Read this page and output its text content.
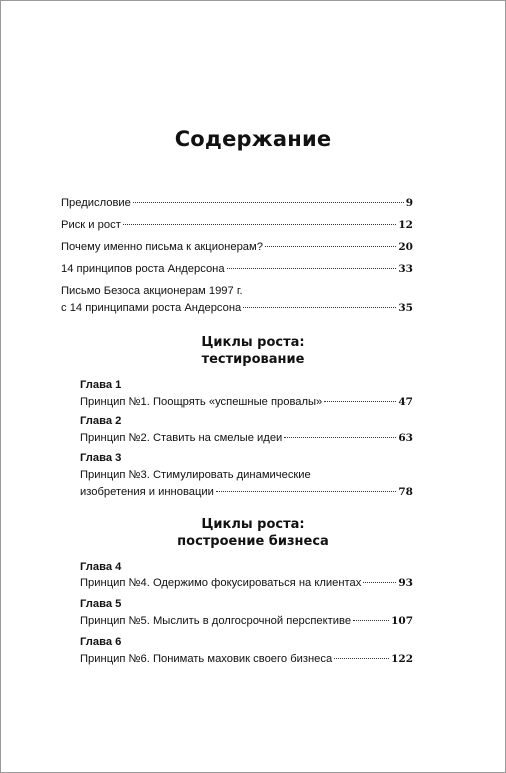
Содержание
Предисловие	9
Риск и рост	12
Почему именно письма к акционерам?	20
14 принципов роста Андерсона	33
Письмо Безоса акционерам 1997 г.
с 14 принципами роста Андерсона	35
Циклы роста:
тестирование
Глава 1
Принцип №1. Поощрять «успешные провалы»	47
Глава 2
Принцип №2. Ставить на смелые идеи	63
Глава 3
Принцип №3. Стимулировать динамические
изобретения и инновации	78
Циклы роста:
построение бизнеса
Глава 4
Принцип №4. Одержимо фокусироваться на клиентах	93
Глава 5
Принцип №5. Мыслить в долгосрочной перспективе	107
Глава 6
Принцип №6. Понимать маховик своего бизнеса	122
